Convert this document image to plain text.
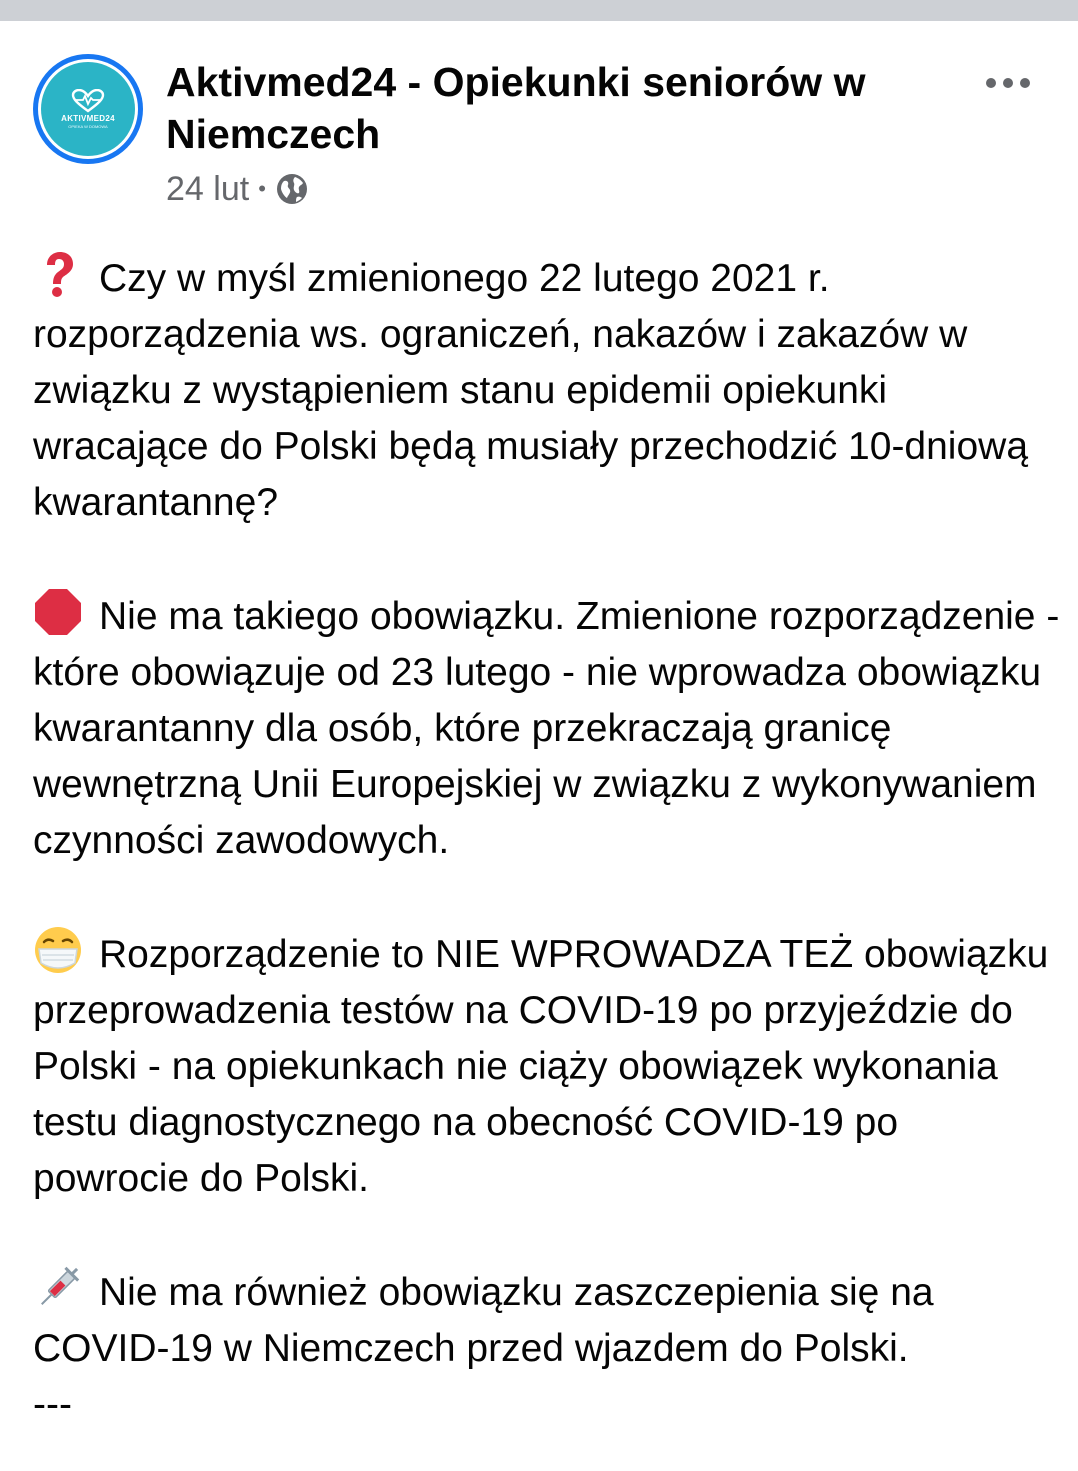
AKTIVMED24
OPIEKA W DOMOWA
Aktivmed24 - Opiekunki seniorów w Niemczech
24 lut •

Czy w myśl zmienionego 22 lutego 2021 r. rozporządzenia ws. ograniczeń, nakazów i zakazów w związku z wystąpieniem stanu epidemii opiekunki wracające do Polski będą musiały przechodzić 10-dniową kwarantannę?

Nie ma takiego obowiązku. Zmienione rozporządzenie - które obowiązuje od 23 lutego - nie wprowadza obowiązku kwarantanny dla osób, które przekraczają granicę wewnętrzną Unii Europejskiej w związku z wykonywaniem czynności zawodowych.

Rozporządzenie to NIE WPROWADZA TEŻ obowiązku przeprowadzenia testów na COVID-19 po przyjeździe do Polski - na opiekunkach nie ciąży obowiązek wykonania testu diagnostycznego na obecność COVID-19 po powrocie do Polski.

Nie ma również obowiązku zaszczepienia się na COVID-19 w Niemczech przed wjazdem do Polski.

---
